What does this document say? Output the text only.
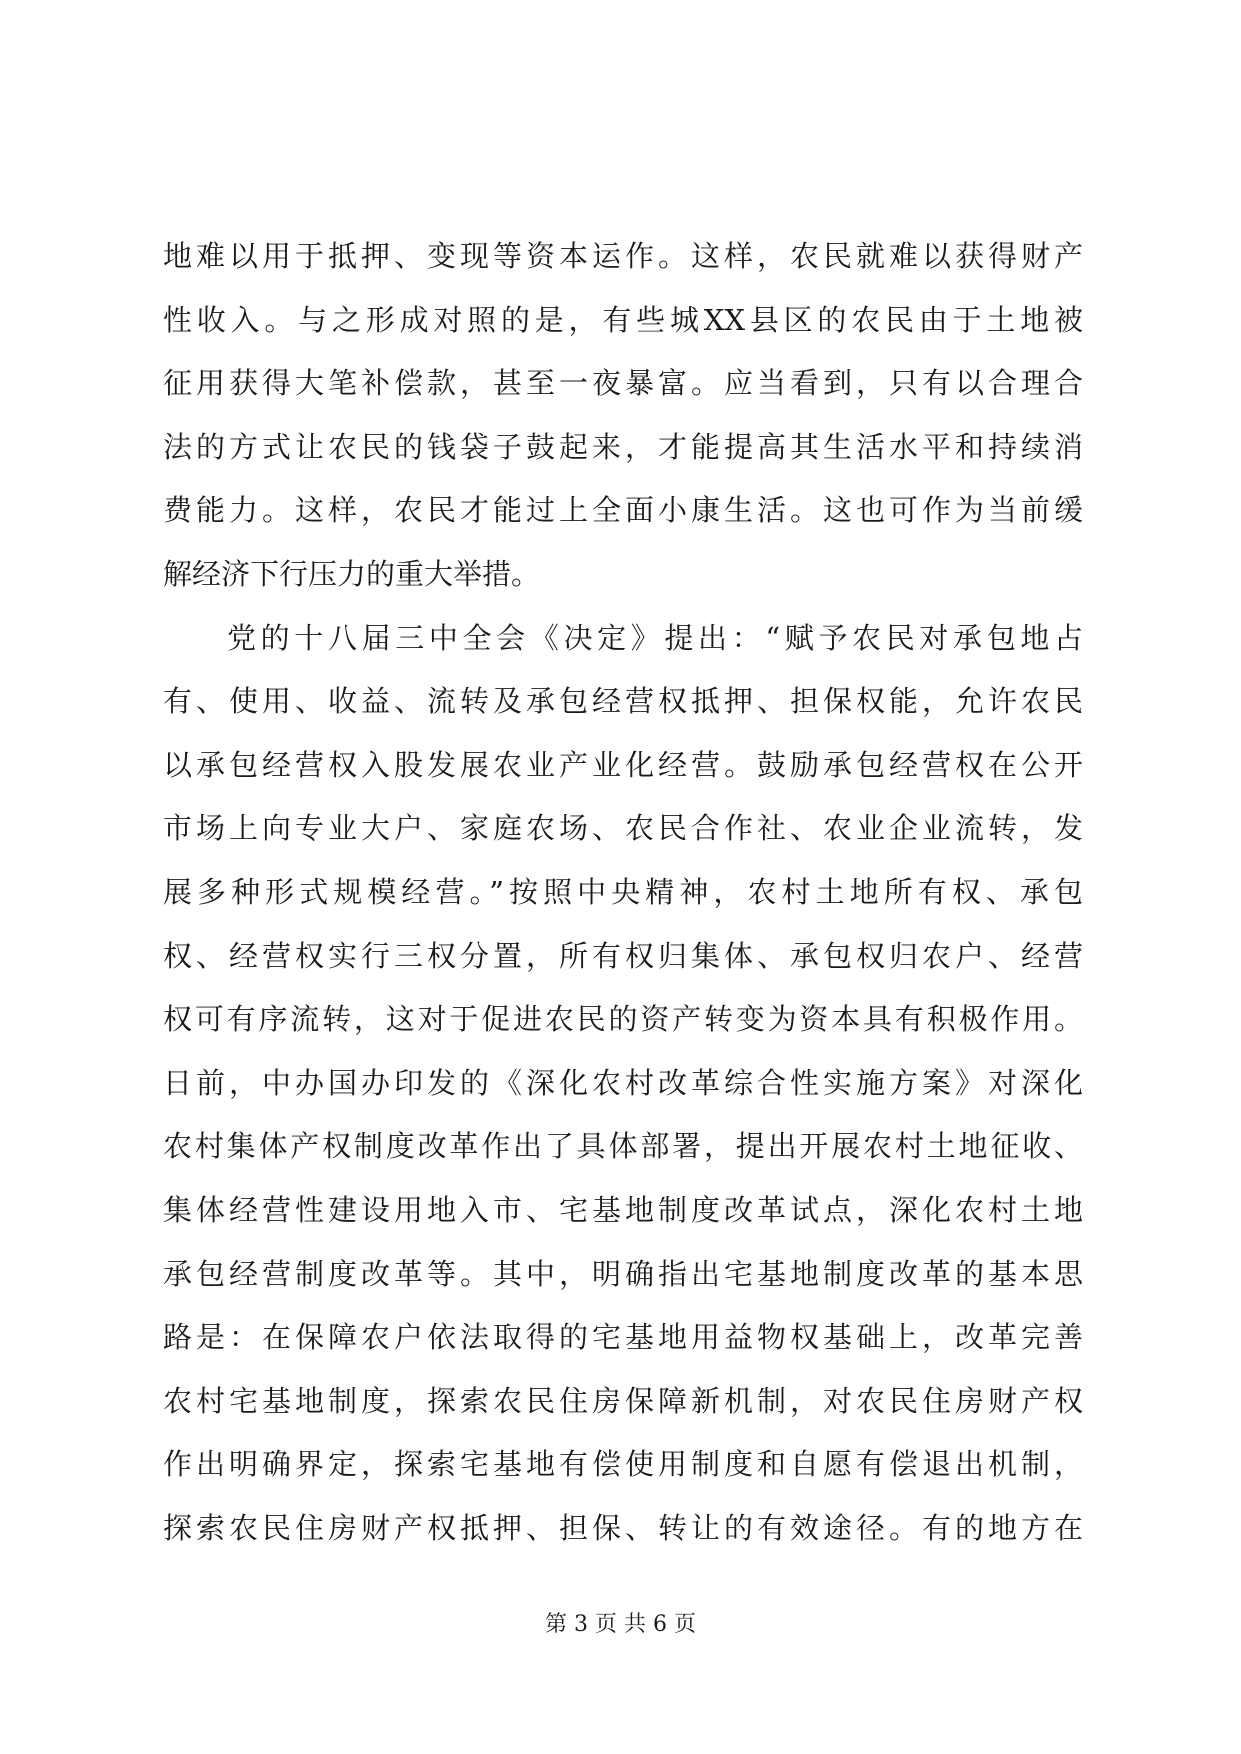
地难以用于抵押、变现等资本运作。这样，农民就难以获得财产
性收入。与之形成对照的是，有些城XX县区的农民由于土地被
征用获得大笔补偿款，甚至一夜暴富。应当看到，只有以合理合
法的方式让农民的钱袋子鼓起来，才能提高其生活水平和持续消
费能力。这样，农民才能过上全面小康生活。这也可作为当前缓
解经济下行压力的重大举措。
党的十八届三中全会《决定》提出：“赋予农民对承包地占
有、使用、收益、流转及承包经营权抵押、担保权能，允许农民
以承包经营权入股发展农业产业化经营。鼓励承包经营权在公开
市场上向专业大户、家庭农场、农民合作社、农业企业流转，发
展多种形式规模经营。”按照中央精神，农村土地所有权、承包
权、经营权实行三权分置，所有权归集体、承包权归农户、经营
权可有序流转，这对于促进农民的资产转变为资本具有积极作用。
日前，中办国办印发的《深化农村改革综合性实施方案》对深化
农村集体产权制度改革作出了具体部署，提出开展农村土地征收、
集体经营性建设用地入市、宅基地制度改革试点，深化农村土地
承包经营制度改革等。其中，明确指出宅基地制度改革的基本思
路是：在保障农户依法取得的宅基地用益物权基础上，改革完善
农村宅基地制度，探索农民住房保障新机制，对农民住房财产权
作出明确界定，探索宅基地有偿使用制度和自愿有偿退出机制，
探索农民住房财产权抵押、担保、转让的有效途径。有的地方在
第 3 页 共 6 页
